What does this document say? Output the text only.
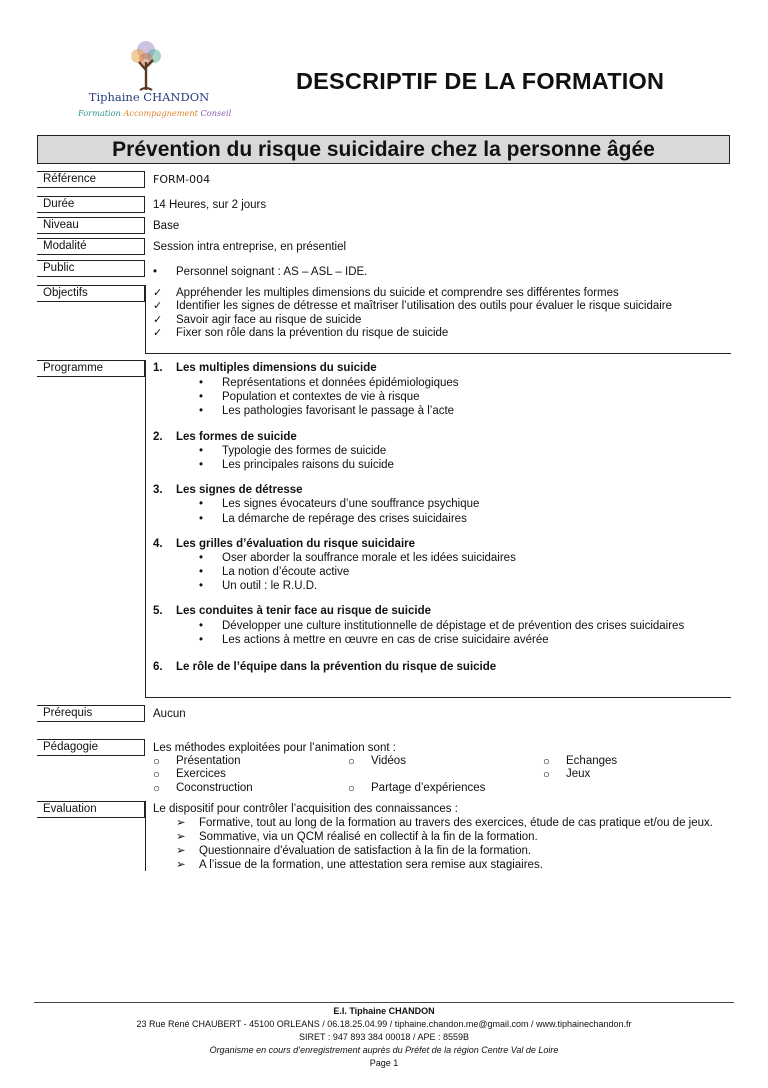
Tiphaine CHANDON
Formation Accompagnement Conseil
DESCRIPTIF DE LA FORMATION
Prévention du risque suicidaire chez la personne âgée
Référence
Durée
Niveau
Modalité
Public
Objectifs
Programme
Prérequis
Pédagogie
Evaluation
FORM-004
14 Heures, sur 2 jours
Base
Session intra entreprise, en présentiel
• Personnel soignant : AS – ASL – IDE.
✓ Appréhender les multiples dimensions du suicide et comprendre ses différentes formes
✓ Identifier les signes de détresse et maîtriser l’utilisation des outils pour évaluer le risque suicidaire
✓ Savoir agir face au risque de suicide
✓ Fixer son rôle dans la prévention du risque de suicide
1. Les multiples dimensions du suicide
• Représentations et données épidémiologiques
• Population et contextes de vie à risque
• Les pathologies favorisant le passage à l’acte
2. Les formes de suicide
• Typologie des formes de suicide
• Les principales raisons du suicide
3. Les signes de détresse
• Les signes évocateurs d’une souffrance psychique
• La démarche de repérage des crises suicidaires
4. Les grilles d’évaluation du risque suicidaire
• Oser aborder la souffrance morale et les idées suicidaires
• La notion d’écoute active
• Un outil : le R.U.D.
5. Les conduites à tenir face au risque de suicide
• Développer une culture institutionnelle de dépistage et de prévention des crises suicidaires
• Les actions à mettre en œuvre en cas de crise suicidaire avérée
6. Le rôle de l’équipe dans la prévention du risque de suicide
Aucun
Les méthodes exploitées pour l’animation sont :
○ Présentation
○ Exercices
○ Coconstruction
○ Vidéos
○ Partage d’expériences
○ Echanges
○ Jeux
Le dispositif pour contrôler l’acquisition des connaissances :
➢ Formative, tout au long de la formation au travers des exercices, étude de cas pratique et/ou de jeux.
➢ Sommative, via un QCM réalisé en collectif à la fin de la formation.
➢ Questionnaire d'évaluation de satisfaction à la fin de la formation.
➢ A l’issue de la formation, une attestation sera remise aux stagiaires.
E.I. Tiphaine CHANDON
23 Rue René CHAUBERT - 45100 ORLEANS / 06.18.25.04.99 / tiphaine.chandon.me@gmail.com / www.tiphainechandon.fr
SIRET : 947 893 384 00018 / APE : 8559B
Organisme en cours d’enregistrement auprès du Préfet de la région Centre Val de Loire
Page 1
